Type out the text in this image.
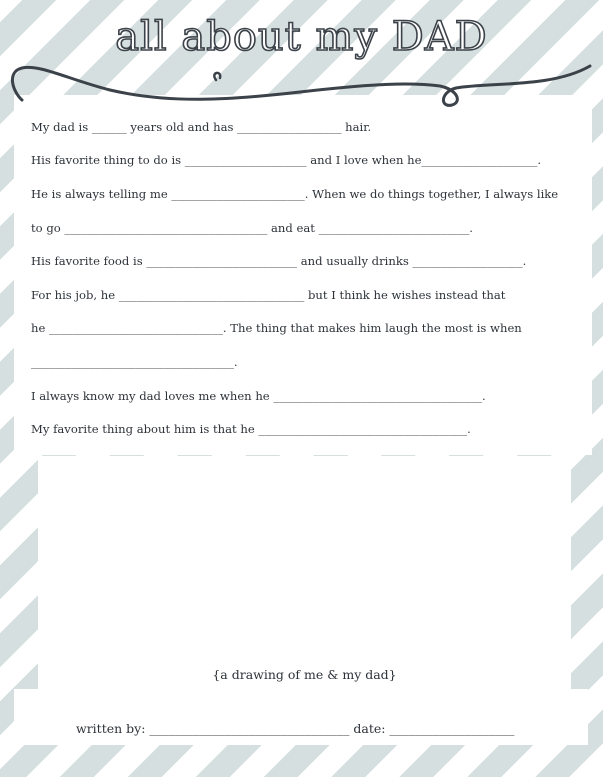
all about my DAD
My dad is ______ years old and has __________________ hair.
His favorite thing to do is _____________________ and I love when he____________________.
He is always telling me _______________________. When we do things together, I always like
to go ___________________________________ and eat __________________________.
His favorite food is __________________________ and usually drinks ___________________.
For his job, he ________________________________ but I think he wishes instead that
he ______________________________. The thing that makes him laugh the most is when
___________________________________.
I always know my dad loves me when he ____________________________________.
My favorite thing about him is that he ____________________________________.
{a drawing of me & my dad}
written by: ________________________________ date: ____________________
